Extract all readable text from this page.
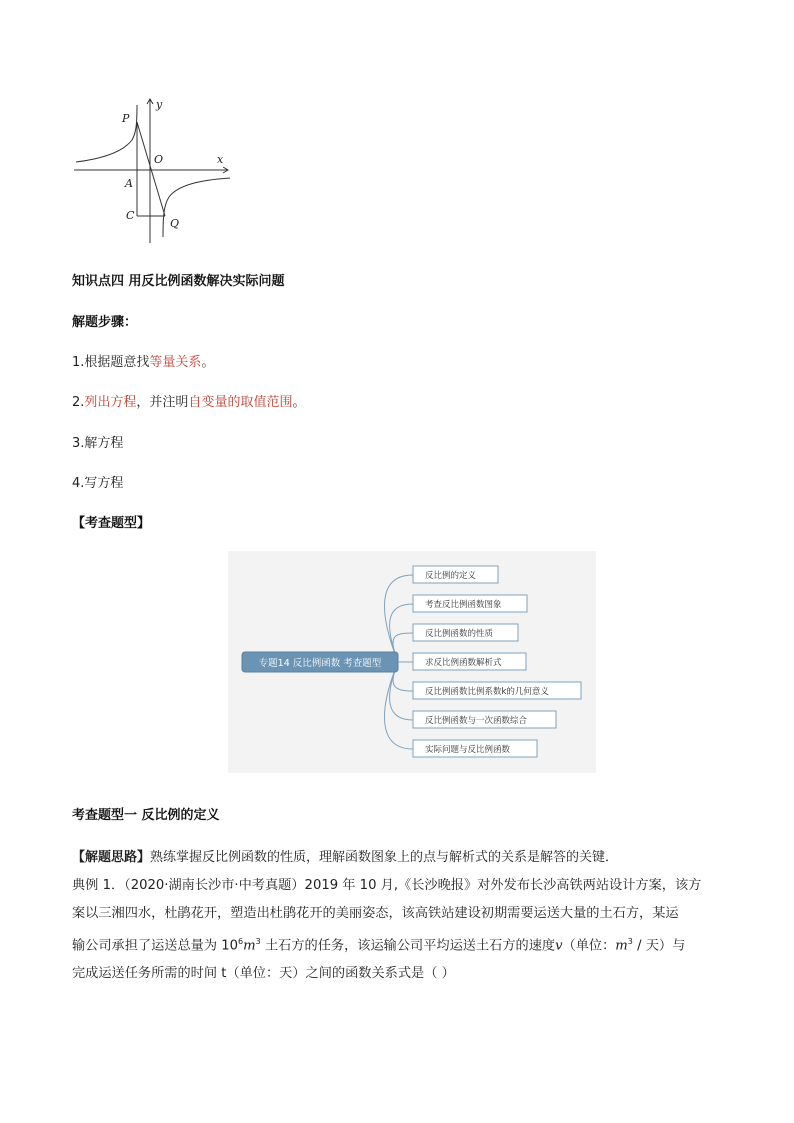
P
y
O	x
A
C
Q
知识点四 用反比例函数解决实际问题
解题步骤：
1.根据题意找等量关系。
2.列出方程，并注明自变量的取值范围。
3.解方程
4.写方程
【考查题型】
专题14 反比例函数 考查题型
反比例的定义
考查反比例函数图象
反比例函数的性质
求反比例函数解析式
反比例函数比例系数k的几何意义
反比例函数与一次函数综合
实际问题与反比例函数
考查题型一 反比例的定义
【解题思路】熟练掌握反比例函数的性质，理解函数图象上的点与解析式的关系是解答的关键．
典例 1．（2020·湖南长沙市·中考真题）2019 年 10 月,《长沙晚报》对外发布长沙高铁两站设计方案，该方
案以三湘四水，杜鹃花开，塑造出杜鹃花开的美丽姿态，该高铁站建设初期需要运送大量的土石方，某运
输公司承担了运送总量为 $10^6m^3$ 土石方的任务，该运输公司平均运送土石方的速度v（单位：$m^3$ / 天）与
完成运送任务所需的时间 t（单位：天）之间的函数关系式是（ ）
